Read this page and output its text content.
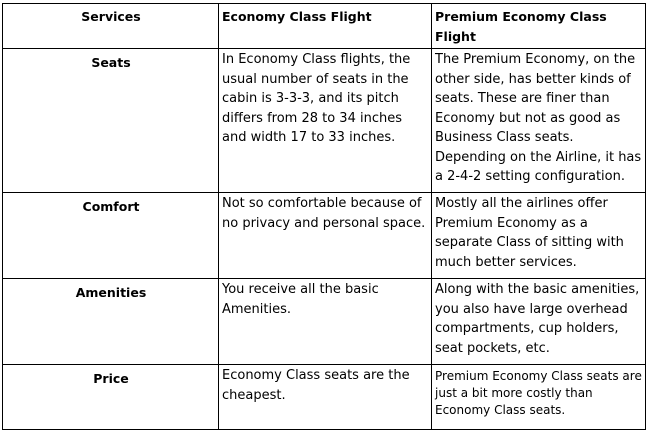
Services	Economy Class Flight	Premium Economy Class Flight
Seats	In Economy Class flights, the usual number of seats in the cabin is 3-3-3, and its pitch differs from 28 to 34 inches and width 17 to 33 inches.	The Premium Economy, on the other side, has better kinds of seats. These are finer than Economy but not as good as Business Class seats. Depending on the Airline, it has a 2-4-2 setting configuration.
Comfort	Not so comfortable because of no privacy and personal space.	Mostly all the airlines offer Premium Economy as a separate Class of sitting with much better services.
Amenities	You receive all the basic Amenities.	Along with the basic amenities, you also have large overhead compartments, cup holders, seat pockets, etc.
Price	Economy Class seats are the cheapest.	Premium Economy Class seats are just a bit more costly than Economy Class seats.
